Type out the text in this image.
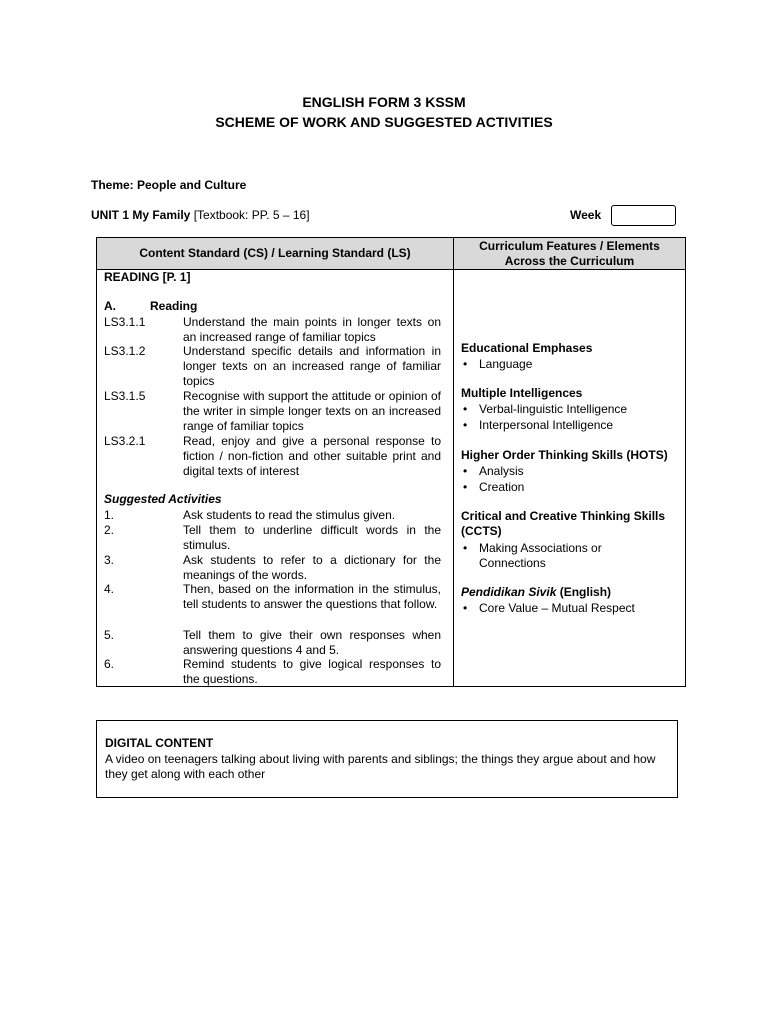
ENGLISH FORM 3 KSSM
SCHEME OF WORK AND SUGGESTED ACTIVITIES
Theme: People and Culture
UNIT 1 My Family [Textbook: PP. 5 – 16]	Week
Content Standard (CS) / Learning Standard (LS)
Curriculum Features / Elements
Across the Curriculum
READING [P. 1]
A.	Reading
LS3.1.1	Understand the main points in longer texts on an increased range of familiar topics
LS3.1.2	Understand specific details and information in longer texts on an increased range of familiar topics
LS3.1.5	Recognise with support the attitude or opinion of the writer in simple longer texts on an increased range of familiar topics
LS3.2.1	Read, enjoy and give a personal response to fiction / non-fiction and other suitable print and digital texts of interest
Suggested Activities
1.	Ask students to read the stimulus given.
2.	Tell them to underline difficult words in the stimulus.
3.	Ask students to refer to a dictionary for the meanings of the words.
4.	Then, based on the information in the stimulus, tell students to answer the questions that follow.
5.	Tell them to give their own responses when answering questions 4 and 5.
6.	Remind students to give logical responses to the questions.
Educational Emphases
• Language
Multiple Intelligences
• Verbal-linguistic Intelligence
• Interpersonal Intelligence
Higher Order Thinking Skills (HOTS)
• Analysis
• Creation
Critical and Creative Thinking Skills (CCTS)
• Making Associations or Connections
Pendidikan Sivik (English)
• Core Value – Mutual Respect
DIGITAL CONTENT
A video on teenagers talking about living with parents and siblings; the things they argue about and how they get along with each other
